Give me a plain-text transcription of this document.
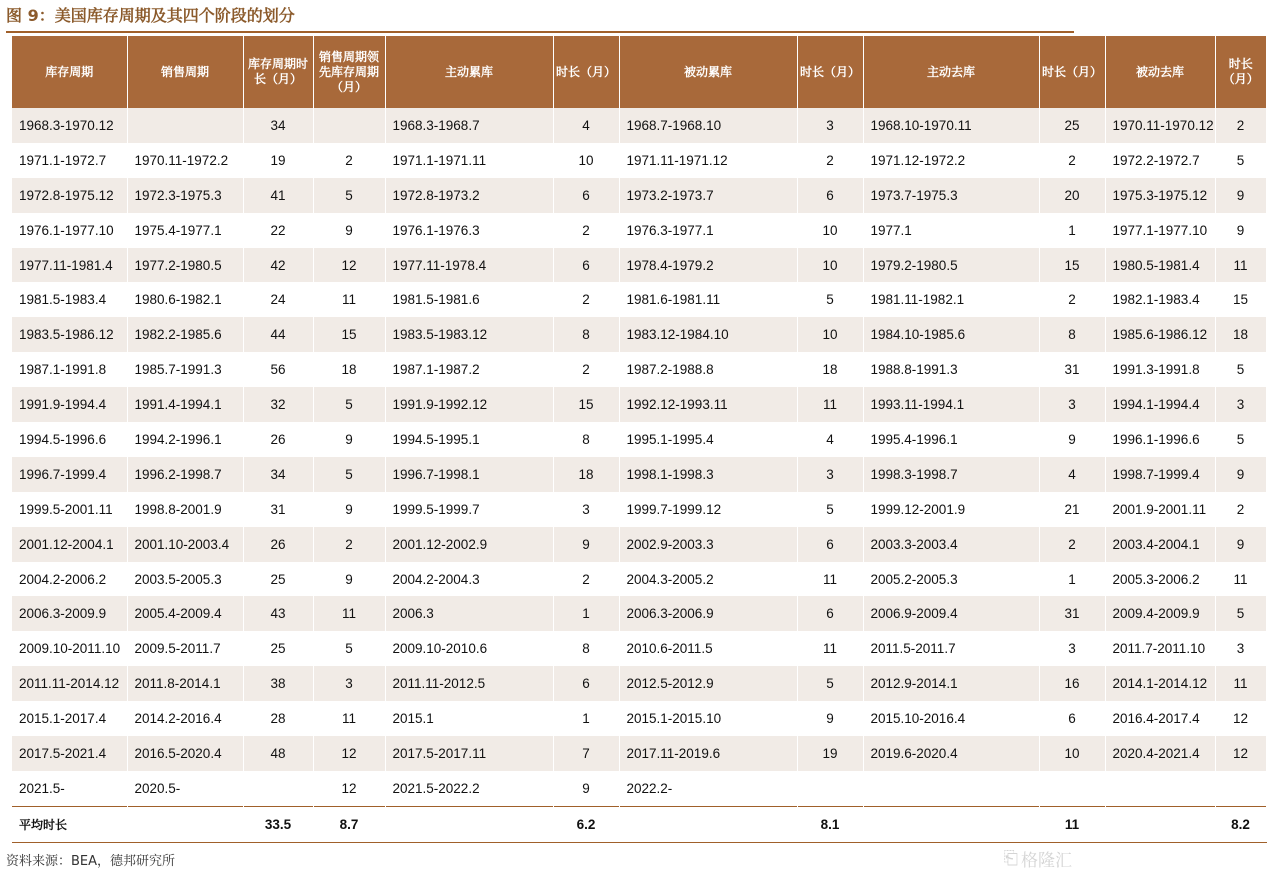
图 9：美国库存周期及其四个阶段的划分
库存周期	销售周期	库存周期时长（月）	销售周期领先库存周期（月）	主动累库	时长（月）	被动累库	时长（月）	主动去库	时长（月）	被动去库	时长（月）
1968.3-1970.12		34		1968.3-1968.7	4	1968.7-1968.10	3	1968.10-1970.11	25	1970.11-1970.12	2
1971.1-1972.7	1970.11-1972.2	19	2	1971.1-1971.11	10	1971.11-1971.12	2	1971.12-1972.2	2	1972.2-1972.7	5
1972.8-1975.12	1972.3-1975.3	41	5	1972.8-1973.2	6	1973.2-1973.7	6	1973.7-1975.3	20	1975.3-1975.12	9
1976.1-1977.10	1975.4-1977.1	22	9	1976.1-1976.3	2	1976.3-1977.1	10	1977.1	1	1977.1-1977.10	9
1977.11-1981.4	1977.2-1980.5	42	12	1977.11-1978.4	6	1978.4-1979.2	10	1979.2-1980.5	15	1980.5-1981.4	11
1981.5-1983.4	1980.6-1982.1	24	11	1981.5-1981.6	2	1981.6-1981.11	5	1981.11-1982.1	2	1982.1-1983.4	15
1983.5-1986.12	1982.2-1985.6	44	15	1983.5-1983.12	8	1983.12-1984.10	10	1984.10-1985.6	8	1985.6-1986.12	18
1987.1-1991.8	1985.7-1991.3	56	18	1987.1-1987.2	2	1987.2-1988.8	18	1988.8-1991.3	31	1991.3-1991.8	5
1991.9-1994.4	1991.4-1994.1	32	5	1991.9-1992.12	15	1992.12-1993.11	11	1993.11-1994.1	3	1994.1-1994.4	3
1994.5-1996.6	1994.2-1996.1	26	9	1994.5-1995.1	8	1995.1-1995.4	4	1995.4-1996.1	9	1996.1-1996.6	5
1996.7-1999.4	1996.2-1998.7	34	5	1996.7-1998.1	18	1998.1-1998.3	3	1998.3-1998.7	4	1998.7-1999.4	9
1999.5-2001.11	1998.8-2001.9	31	9	1999.5-1999.7	3	1999.7-1999.12	5	1999.12-2001.9	21	2001.9-2001.11	2
2001.12-2004.1	2001.10-2003.4	26	2	2001.12-2002.9	9	2002.9-2003.3	6	2003.3-2003.4	2	2003.4-2004.1	9
2004.2-2006.2	2003.5-2005.3	25	9	2004.2-2004.3	2	2004.3-2005.2	11	2005.2-2005.3	1	2005.3-2006.2	11
2006.3-2009.9	2005.4-2009.4	43	11	2006.3	1	2006.3-2006.9	6	2006.9-2009.4	31	2009.4-2009.9	5
2009.10-2011.10	2009.5-2011.7	25	5	2009.10-2010.6	8	2010.6-2011.5	11	2011.5-2011.7	3	2011.7-2011.10	3
2011.11-2014.12	2011.8-2014.1	38	3	2011.11-2012.5	6	2012.5-2012.9	5	2012.9-2014.1	16	2014.1-2014.12	11
2015.1-2017.4	2014.2-2016.4	28	11	2015.1	1	2015.1-2015.10	9	2015.10-2016.4	6	2016.4-2017.4	12
2017.5-2021.4	2016.5-2020.4	48	12	2017.5-2017.11	7	2017.11-2019.6	19	2019.6-2020.4	10	2020.4-2021.4	12
2021.5-	2020.5-		12	2021.5-2022.2	9	2022.2-					
平均时长		33.5	8.7		6.2		8.1		11		8.2
资料来源：BEA，德邦研究所	⎗ 格隆汇
